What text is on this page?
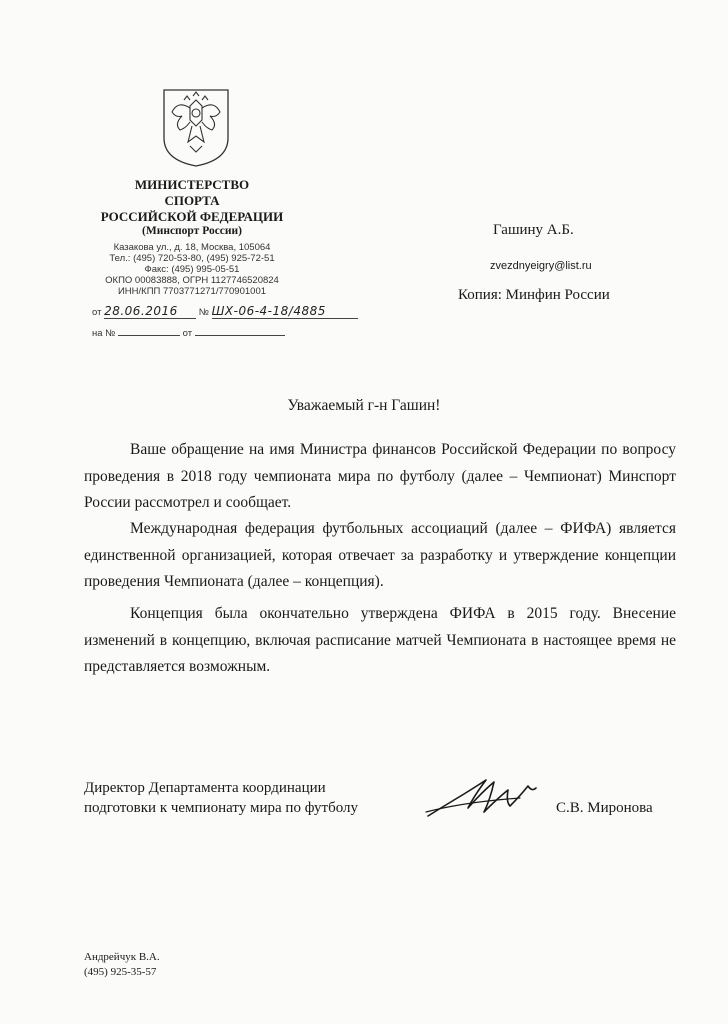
МИНИСТЕРСТВО
СПОРТА
РОССИЙСКОЙ ФЕДЕРАЦИИ
(Минспорт России)
Казакова ул., д. 18, Москва, 105064
Тел.: (495) 720-53-80, (495) 925-72-51
Факс: (495) 995-05-51
ОКПО 00083888, ОГРН 1127746520824
ИНН/КПП 7703771271/770901001
от 28.06.2016 № ШХ-06-4-18/4885
на №	от
Гашину А.Б.
zvezdnyeigry@list.ru
Копия: Минфин России
Уважаемый г-н Гашин!
Ваше обращение на имя Министра финансов Российской Федерации по вопросу проведения в 2018 году чемпионата мира по футболу (далее – Чемпионат) Минспорт России рассмотрел и сообщает.
Международная федерация футбольных ассоциаций (далее – ФИФА) является единственной организацией, которая отвечает за разработку и утверждение концепции проведения Чемпионата (далее – концепция).
Концепция была окончательно утверждена ФИФА в 2015 году. Внесение изменений в концепцию, включая расписание матчей Чемпионата в настоящее время не представляется возможным.
Директор Департамента координации
подготовки к чемпионату мира по футболу	С.В. Миронова
Андрейчук В.А.
(495) 925-35-57
